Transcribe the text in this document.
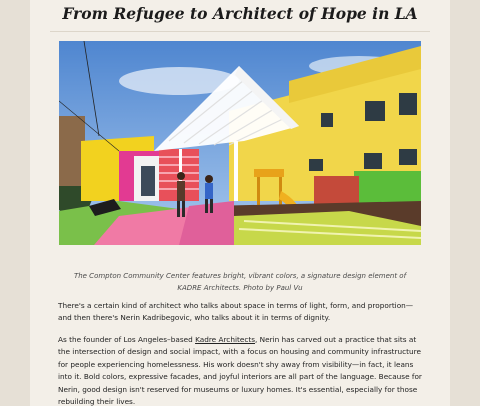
From Refugee to Architect of Hope in LA
The Compton Community Center features bright, vibrant colors, a signature design element of KADRE Architects. Photo by Paul Vu

There's a certain kind of architect who talks about space in terms of light, form, and proportion—and then there's Nerin Kadribegovic, who talks about it in terms of dignity.

As the founder of Los Angeles–based Kadre Architects, Nerin has carved out a practice that sits at the intersection of design and social impact, with a focus on housing and community infrastructure for people experiencing homelessness. His work doesn't shy away from visibility—in fact, it leans into it. Bold colors, expressive facades, and joyful interiors are all part of the language. Because for Nerin, good design isn't reserved for museums or luxury homes. It's essential, especially for those rebuilding their lives.
